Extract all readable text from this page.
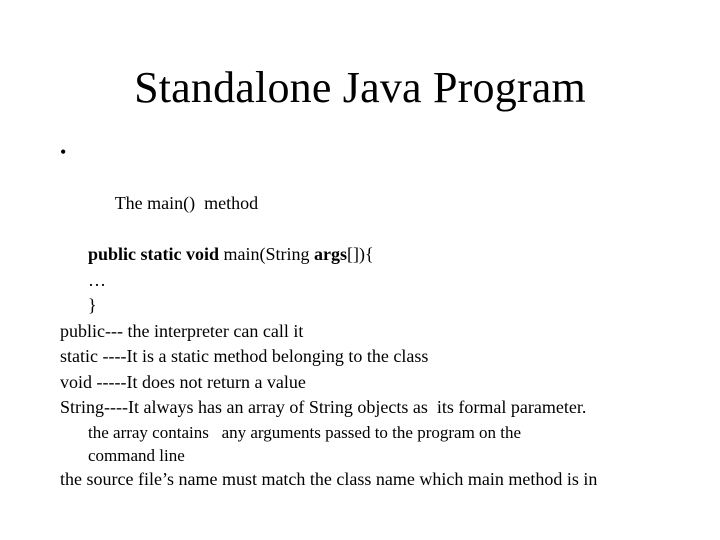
Standalone Java Program

•

The main()  method

public static void main(String args[]){
…
}
public--- the interpreter can call it
static ----It is a static method belonging to the class
void -----It does not return a value
String----It always has an array of String objects as  its formal parameter.
the array contains   any arguments passed to the program on the
command line
the source file’s name must match the class name which main method is in
